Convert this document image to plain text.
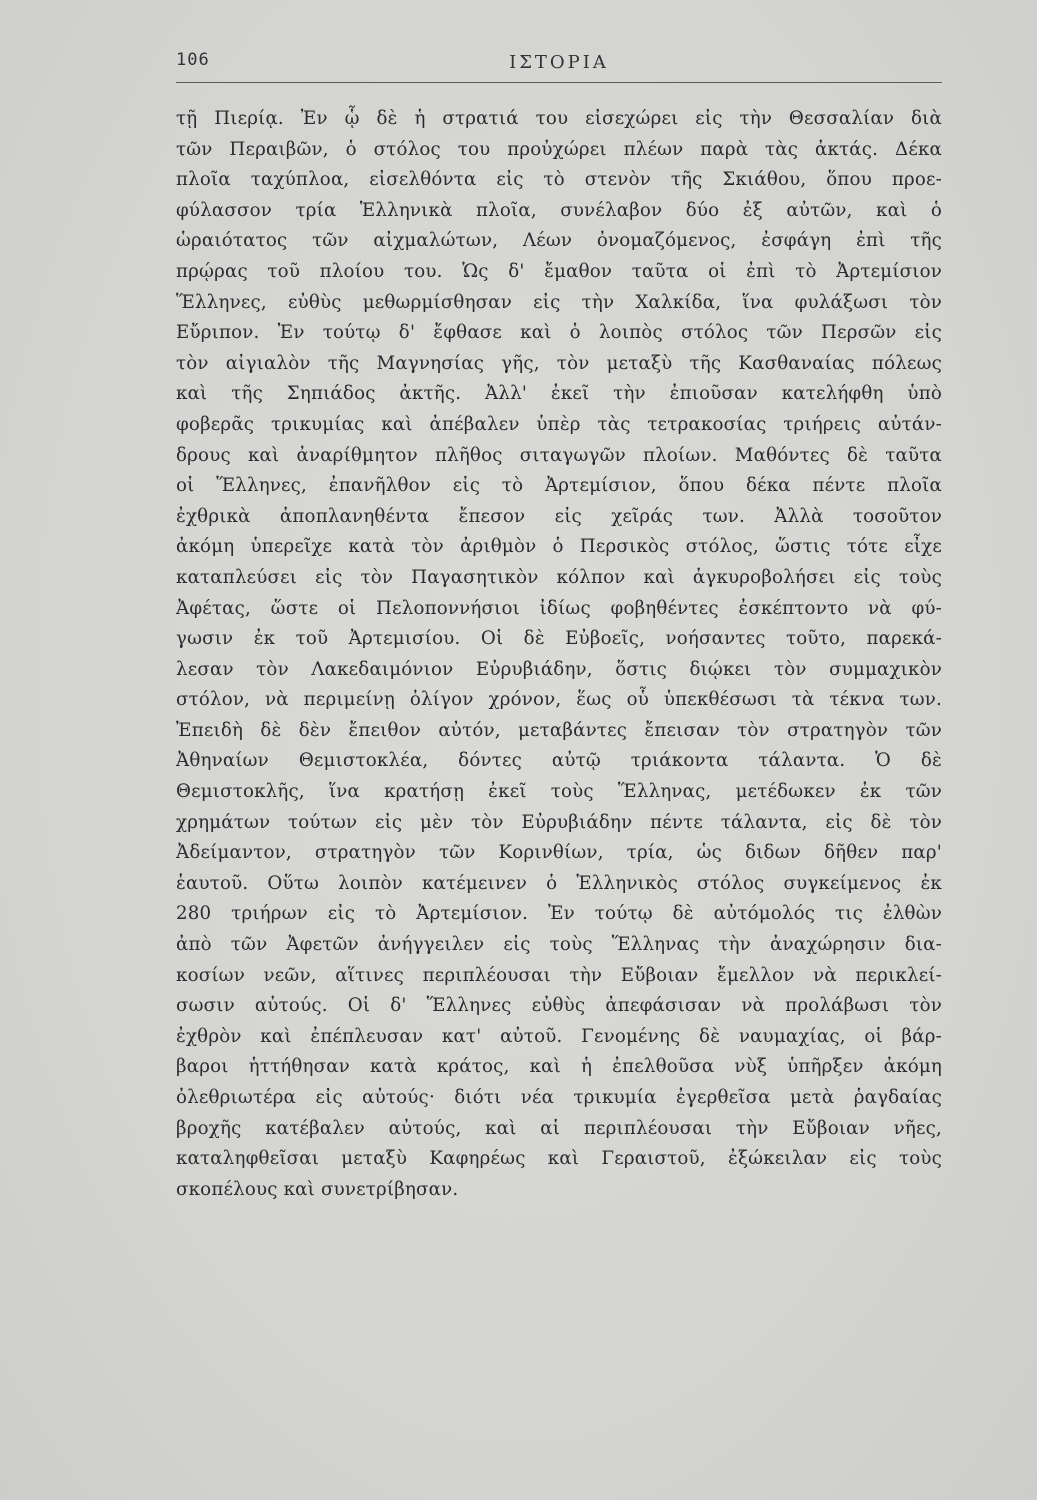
106	ΙΣΤΟΡΙΑ
τῇ Πιερίᾳ. Ἐν ᾧ δὲ ἡ στρατιά του εἰσεχώρει εἰς τὴν Θεσσαλίαν διὰ
τῶν Περαιβῶν, ὁ στόλος του προὐχώρει πλέων παρὰ τὰς ἀκτάς. Δέκα
πλοῖα ταχύπλοα, εἰσελθόντα εἰς τὸ στενὸν τῆς Σκιάθου, ὅπου προε-
φύλασσον τρία Ἑλληνικὰ πλοῖα, συνέλαβον δύο ἐξ αὐτῶν, καὶ ὁ
ὡραιότατος τῶν αἰχμαλώτων, Λέων ὀνομαζόμενος, ἐσφάγη ἐπὶ τῆς
πρῴρας τοῦ πλοίου του. Ὡς δ' ἔμαθον ταῦτα οἱ ἐπὶ τὸ Ἀρτεμίσιον
Ἕλληνες, εὐθὺς μεθωρμίσθησαν εἰς τὴν Χαλκίδα, ἵνα φυλάξωσι τὸν
Εὔριπον. Ἐν τούτῳ δ' ἔφθασε καὶ ὁ λοιπὸς στόλος τῶν Περσῶν εἰς
τὸν αἰγιαλὸν τῆς Μαγνησίας γῆς, τὸν μεταξὺ τῆς Κασθαναίας πόλεως
καὶ τῆς Σηπιάδος ἀκτῆς. Ἀλλ' ἐκεῖ τὴν ἐπιοῦσαν κατελήφθη ὑπὸ
φοβερᾶς τρικυμίας καὶ ἀπέβαλεν ὑπὲρ τὰς τετρακοσίας τριήρεις αὐτάν-
δρους καὶ ἀναρίθμητον πλῆθος σιταγωγῶν πλοίων. Μαθόντες δὲ ταῦτα
οἱ Ἕλληνες, ἐπανῆλθον εἰς τὸ Ἀρτεμίσιον, ὅπου δέκα πέντε πλοῖα
ἐχθρικὰ ἀποπλανηθέντα ἔπεσον εἰς χεῖράς των. Ἀλλὰ τοσοῦτον
ἀκόμη ὑπερεῖχε κατὰ τὸν ἀριθμὸν ὁ Περσικὸς στόλος, ὥστις τότε εἶχε
καταπλεύσει εἰς τὸν Παγασητικὸν κόλπον καὶ ἀγκυροβολήσει εἰς τοὺς
Ἀφέτας, ὥστε οἱ Πελοποννήσιοι ἰδίως φοβηθέντες ἐσκέπτοντο νὰ φύ-
γωσιν ἐκ τοῦ Ἀρτεμισίου. Οἱ δὲ Εὐβοεῖς, νοήσαντες τοῦτο, παρεκά-
λεσαν τὸν Λακεδαιμόνιον Εὐρυβιάδην, ὅστις διῴκει τὸν συμμαχικὸν
στόλον, νὰ περιμείνῃ ὀλίγον χρόνον, ἕως οὗ ὑπεκθέσωσι τὰ τέκνα των.
Ἐπειδὴ δὲ δὲν ἔπειθον αὐτόν, μεταβάντες ἔπεισαν τὸν στρατηγὸν τῶν
Ἀθηναίων Θεμιστοκλέα, δόντες αὐτῷ τριάκοντα τάλαντα. Ὁ δὲ
Θεμιστοκλῆς, ἵνα κρατήσῃ ἐκεῖ τοὺς Ἕλληνας, μετέδωκεν ἐκ τῶν
χρημάτων τούτων εἰς μὲν τὸν Εὐρυβιάδην πέντε τάλαντα, εἰς δὲ τὸν
Ἀδείμαντον, στρατηγὸν τῶν Κορινθίων, τρία, ὡς διδων δῆθεν παρ'
ἑαυτοῦ. Οὕτω λοιπὸν κατέμεινεν ὁ Ἑλληνικὸς στόλος συγκείμενος ἐκ
280 τριήρων εἰς τὸ Ἀρτεμίσιον. Ἐν τούτῳ δὲ αὐτόμολός τις ἐλθὼν
ἀπὸ τῶν Ἀφετῶν ἀνήγγειλεν εἰς τοὺς Ἕλληνας τὴν ἀναχώρησιν δια-
κοσίων νεῶν, αἵτινες περιπλέουσαι τὴν Εὔβοιαν ἔμελλον νὰ περικλεί-
σωσιν αὐτούς. Οἱ δ' Ἕλληνες εὐθὺς ἀπεφάσισαν νὰ προλάβωσι τὸν
ἐχθρὸν καὶ ἐπέπλευσαν κατ' αὐτοῦ. Γενομένης δὲ ναυμαχίας, οἱ βάρ-
βαροι ἡττήθησαν κατὰ κράτος, καὶ ἡ ἐπελθοῦσα νὺξ ὑπῆρξεν ἀκόμη
ὀλεθριωτέρα εἰς αὐτούς· διότι νέα τρικυμία ἐγερθεῖσα μετὰ ῥαγδαίας
βροχῆς κατέβαλεν αὐτούς, καὶ αἱ περιπλέουσαι τὴν Εὔβοιαν νῆες,
καταληφθεῖσαι μεταξὺ Καφηρέως καὶ Γεραιστοῦ, ἐξώκειλαν εἰς τοὺς
σκοπέλους καὶ συνετρίβησαν.
